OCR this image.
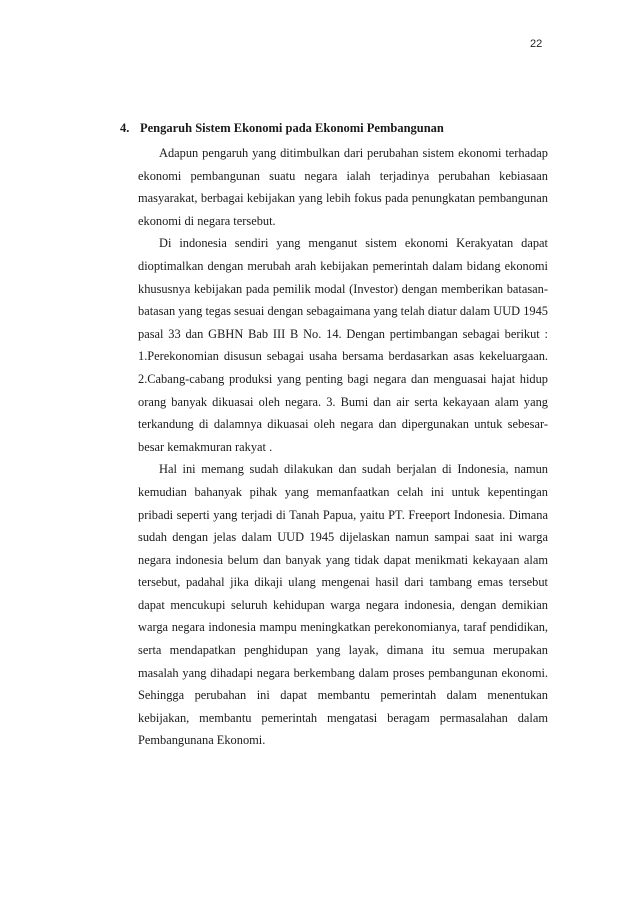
22
4. Pengaruh Sistem Ekonomi pada Ekonomi Pembangunan

Adapun pengaruh yang ditimbulkan dari perubahan sistem ekonomi terhadap ekonomi pembangunan suatu negara ialah terjadinya perubahan kebiasaan masyarakat, berbagai kebijakan yang lebih fokus pada penungkatan pembangunan ekonomi di negara tersebut.

Di indonesia sendiri yang menganut sistem ekonomi Kerakyatan dapat dioptimalkan dengan merubah arah kebijakan pemerintah dalam bidang ekonomi khususnya kebijakan pada pemilik modal (Investor) dengan memberikan batasan-batasan yang tegas sesuai dengan sebagaimana yang telah diatur dalam UUD 1945 pasal 33 dan GBHN Bab III B No. 14. Dengan pertimbangan sebagai berikut : 1.Perekonomian disusun sebagai usaha bersama berdasarkan asas kekeluargaan. 2.Cabang-cabang produksi yang penting bagi negara dan menguasai hajat hidup orang banyak dikuasai oleh negara. 3. Bumi dan air serta kekayaan alam yang terkandung di dalamnya dikuasai oleh negara dan dipergunakan untuk sebesar-besar kemakmuran rakyat .

Hal ini memang sudah dilakukan dan sudah berjalan di Indonesia, namun kemudian bahanyak pihak yang memanfaatkan celah ini untuk kepentingan pribadi seperti yang terjadi di Tanah Papua, yaitu PT. Freeport Indonesia. Dimana sudah dengan jelas dalam UUD 1945 dijelaskan namun sampai saat ini warga negara indonesia belum dan banyak yang tidak dapat menikmati kekayaan alam tersebut, padahal jika dikaji ulang mengenai hasil dari tambang emas tersebut dapat mencukupi seluruh kehidupan warga negara indonesia, dengan demikian warga negara indonesia mampu meningkatkan perekonomianya, taraf pendidikan, serta mendapatkan penghidupan yang layak, dimana itu semua merupakan masalah yang dihadapi negara berkembang dalam proses pembangunan ekonomi. Sehingga perubahan ini dapat membantu pemerintah dalam menentukan kebijakan, membantu pemerintah mengatasi beragam permasalahan dalam Pembangunana Ekonomi.
